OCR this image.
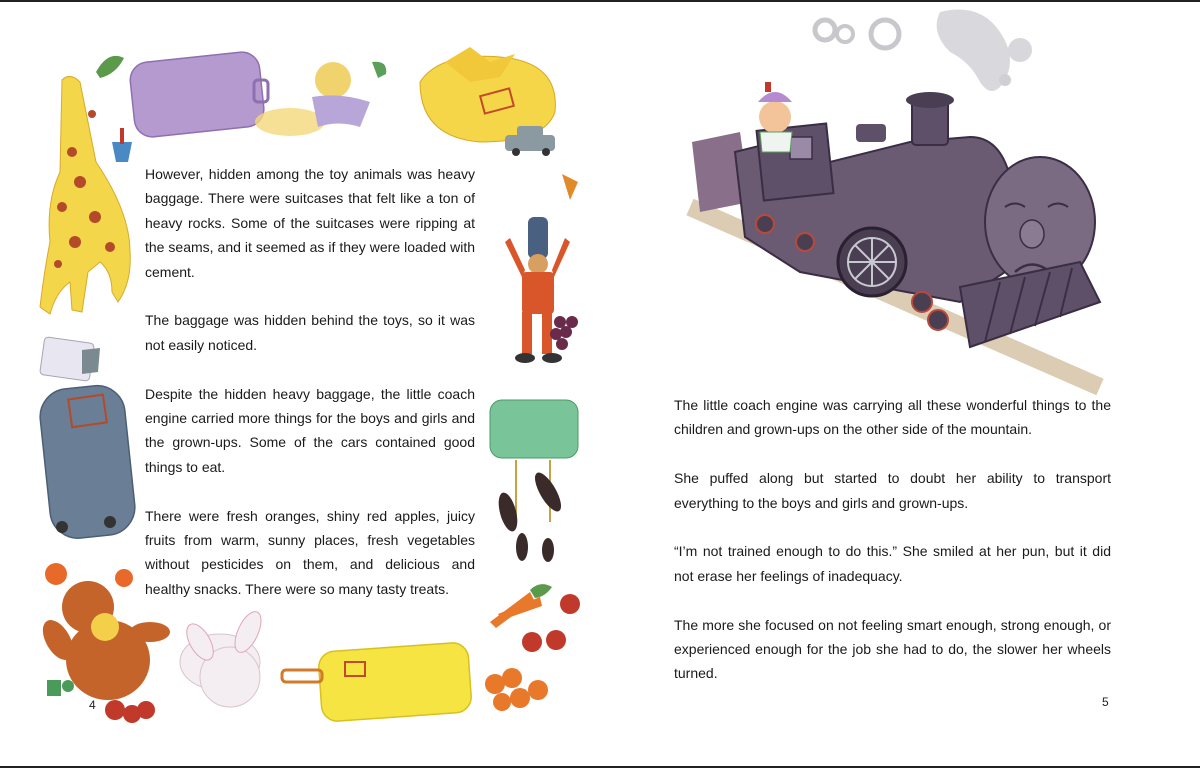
However, hidden among the toy animals was heavy baggage. There were suitcases that felt like a ton of heavy rocks. Some of the suitcases were ripping at the seams, and it seemed as if they were loaded with cement.

The baggage was hidden behind the toys, so it was not easily noticed.

Despite the hidden heavy baggage, the little coach engine carried more things for the boys and girls and the grown-ups. Some of the cars contained good things to eat.

There were fresh oranges, shiny red apples, juicy fruits from warm, sunny places, fresh vegetables without pesticides on them, and delicious and healthy snacks. There were so many tasty treats.

4

The little coach engine was carrying all these wonderful things to the children and grown-ups on the other side of the mountain.

She puffed along but started to doubt her ability to transport everything to the boys and girls and grown-ups.

“I’m not trained enough to do this.” She smiled at her pun, but it did not erase her feelings of inadequacy.

The more she focused on not feeling smart enough, strong enough, or experienced enough for the job she had to do, the slower her wheels turned.

5
